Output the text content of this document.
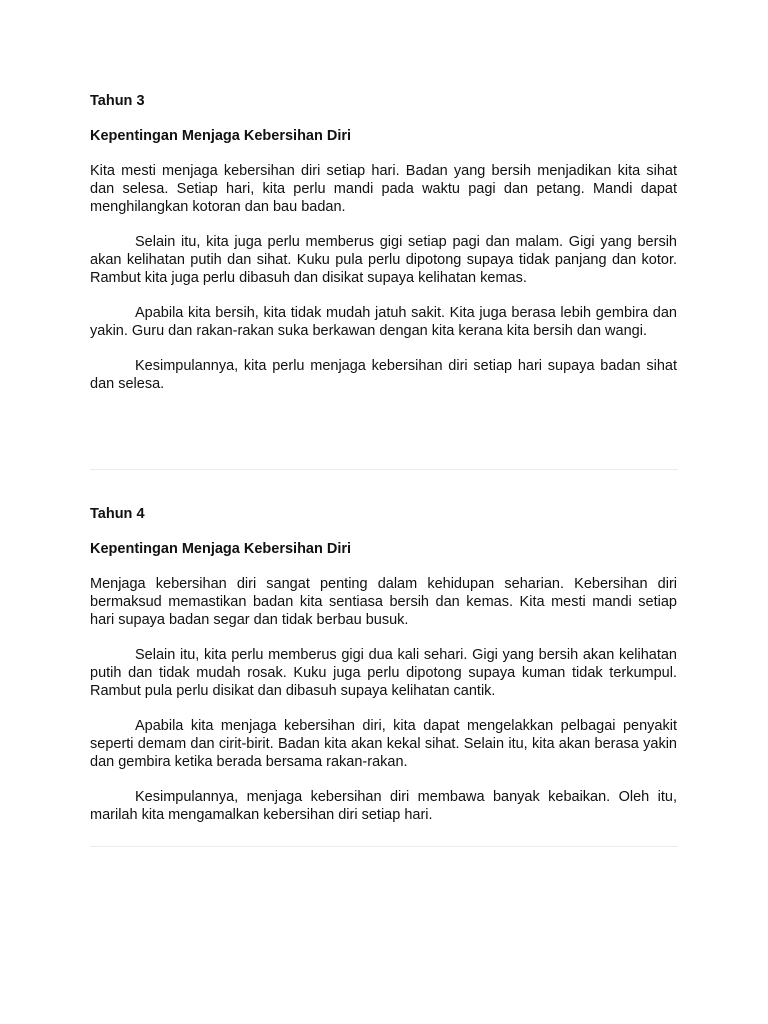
Tahun 3

Kepentingan Menjaga Kebersihan Diri

Kita mesti menjaga kebersihan diri setiap hari. Badan yang bersih menjadikan kita sihat dan selesa. Setiap hari, kita perlu mandi pada waktu pagi dan petang. Mandi dapat menghilangkan kotoran dan bau badan.

Selain itu, kita juga perlu memberus gigi setiap pagi dan malam. Gigi yang bersih akan kelihatan putih dan sihat. Kuku pula perlu dipotong supaya tidak panjang dan kotor. Rambut kita juga perlu dibasuh dan disikat supaya kelihatan kemas.

Apabila kita bersih, kita tidak mudah jatuh sakit. Kita juga berasa lebih gembira dan yakin. Guru dan rakan-rakan suka berkawan dengan kita kerana kita bersih dan wangi.

Kesimpulannya, kita perlu menjaga kebersihan diri setiap hari supaya badan sihat dan selesa.

Tahun 4

Kepentingan Menjaga Kebersihan Diri

Menjaga kebersihan diri sangat penting dalam kehidupan seharian. Kebersihan diri bermaksud memastikan badan kita sentiasa bersih dan kemas. Kita mesti mandi setiap hari supaya badan segar dan tidak berbau busuk.

Selain itu, kita perlu memberus gigi dua kali sehari. Gigi yang bersih akan kelihatan putih dan tidak mudah rosak. Kuku juga perlu dipotong supaya kuman tidak terkumpul. Rambut pula perlu disikat dan dibasuh supaya kelihatan cantik.

Apabila kita menjaga kebersihan diri, kita dapat mengelakkan pelbagai penyakit seperti demam dan cirit-birit. Badan kita akan kekal sihat. Selain itu, kita akan berasa yakin dan gembira ketika berada bersama rakan-rakan.

Kesimpulannya, menjaga kebersihan diri membawa banyak kebaikan. Oleh itu, marilah kita mengamalkan kebersihan diri setiap hari.
